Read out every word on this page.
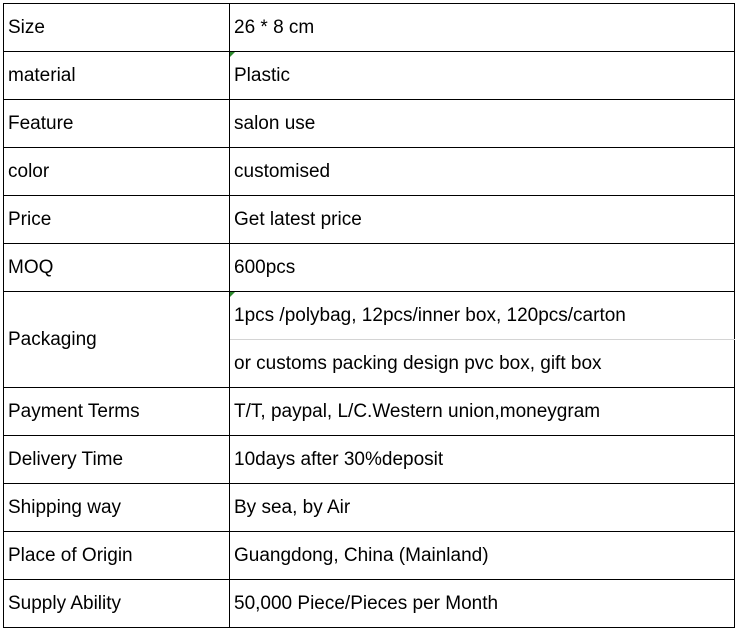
Size	26 * 8 cm
material	Plastic
Feature	salon use
color	customised
Price	Get latest price
MOQ	600pcs
Packaging	1pcs /polybag, 12pcs/inner box, 120pcs/carton
	or customs packing design pvc box, gift box
Payment Terms	T/T, paypal, L/C.Western union,moneygram
Delivery Time	10days after 30%deposit
Shipping way	By sea, by Air
Place of Origin	Guangdong, China (Mainland)
Supply Ability	50,000 Piece/Pieces per Month
